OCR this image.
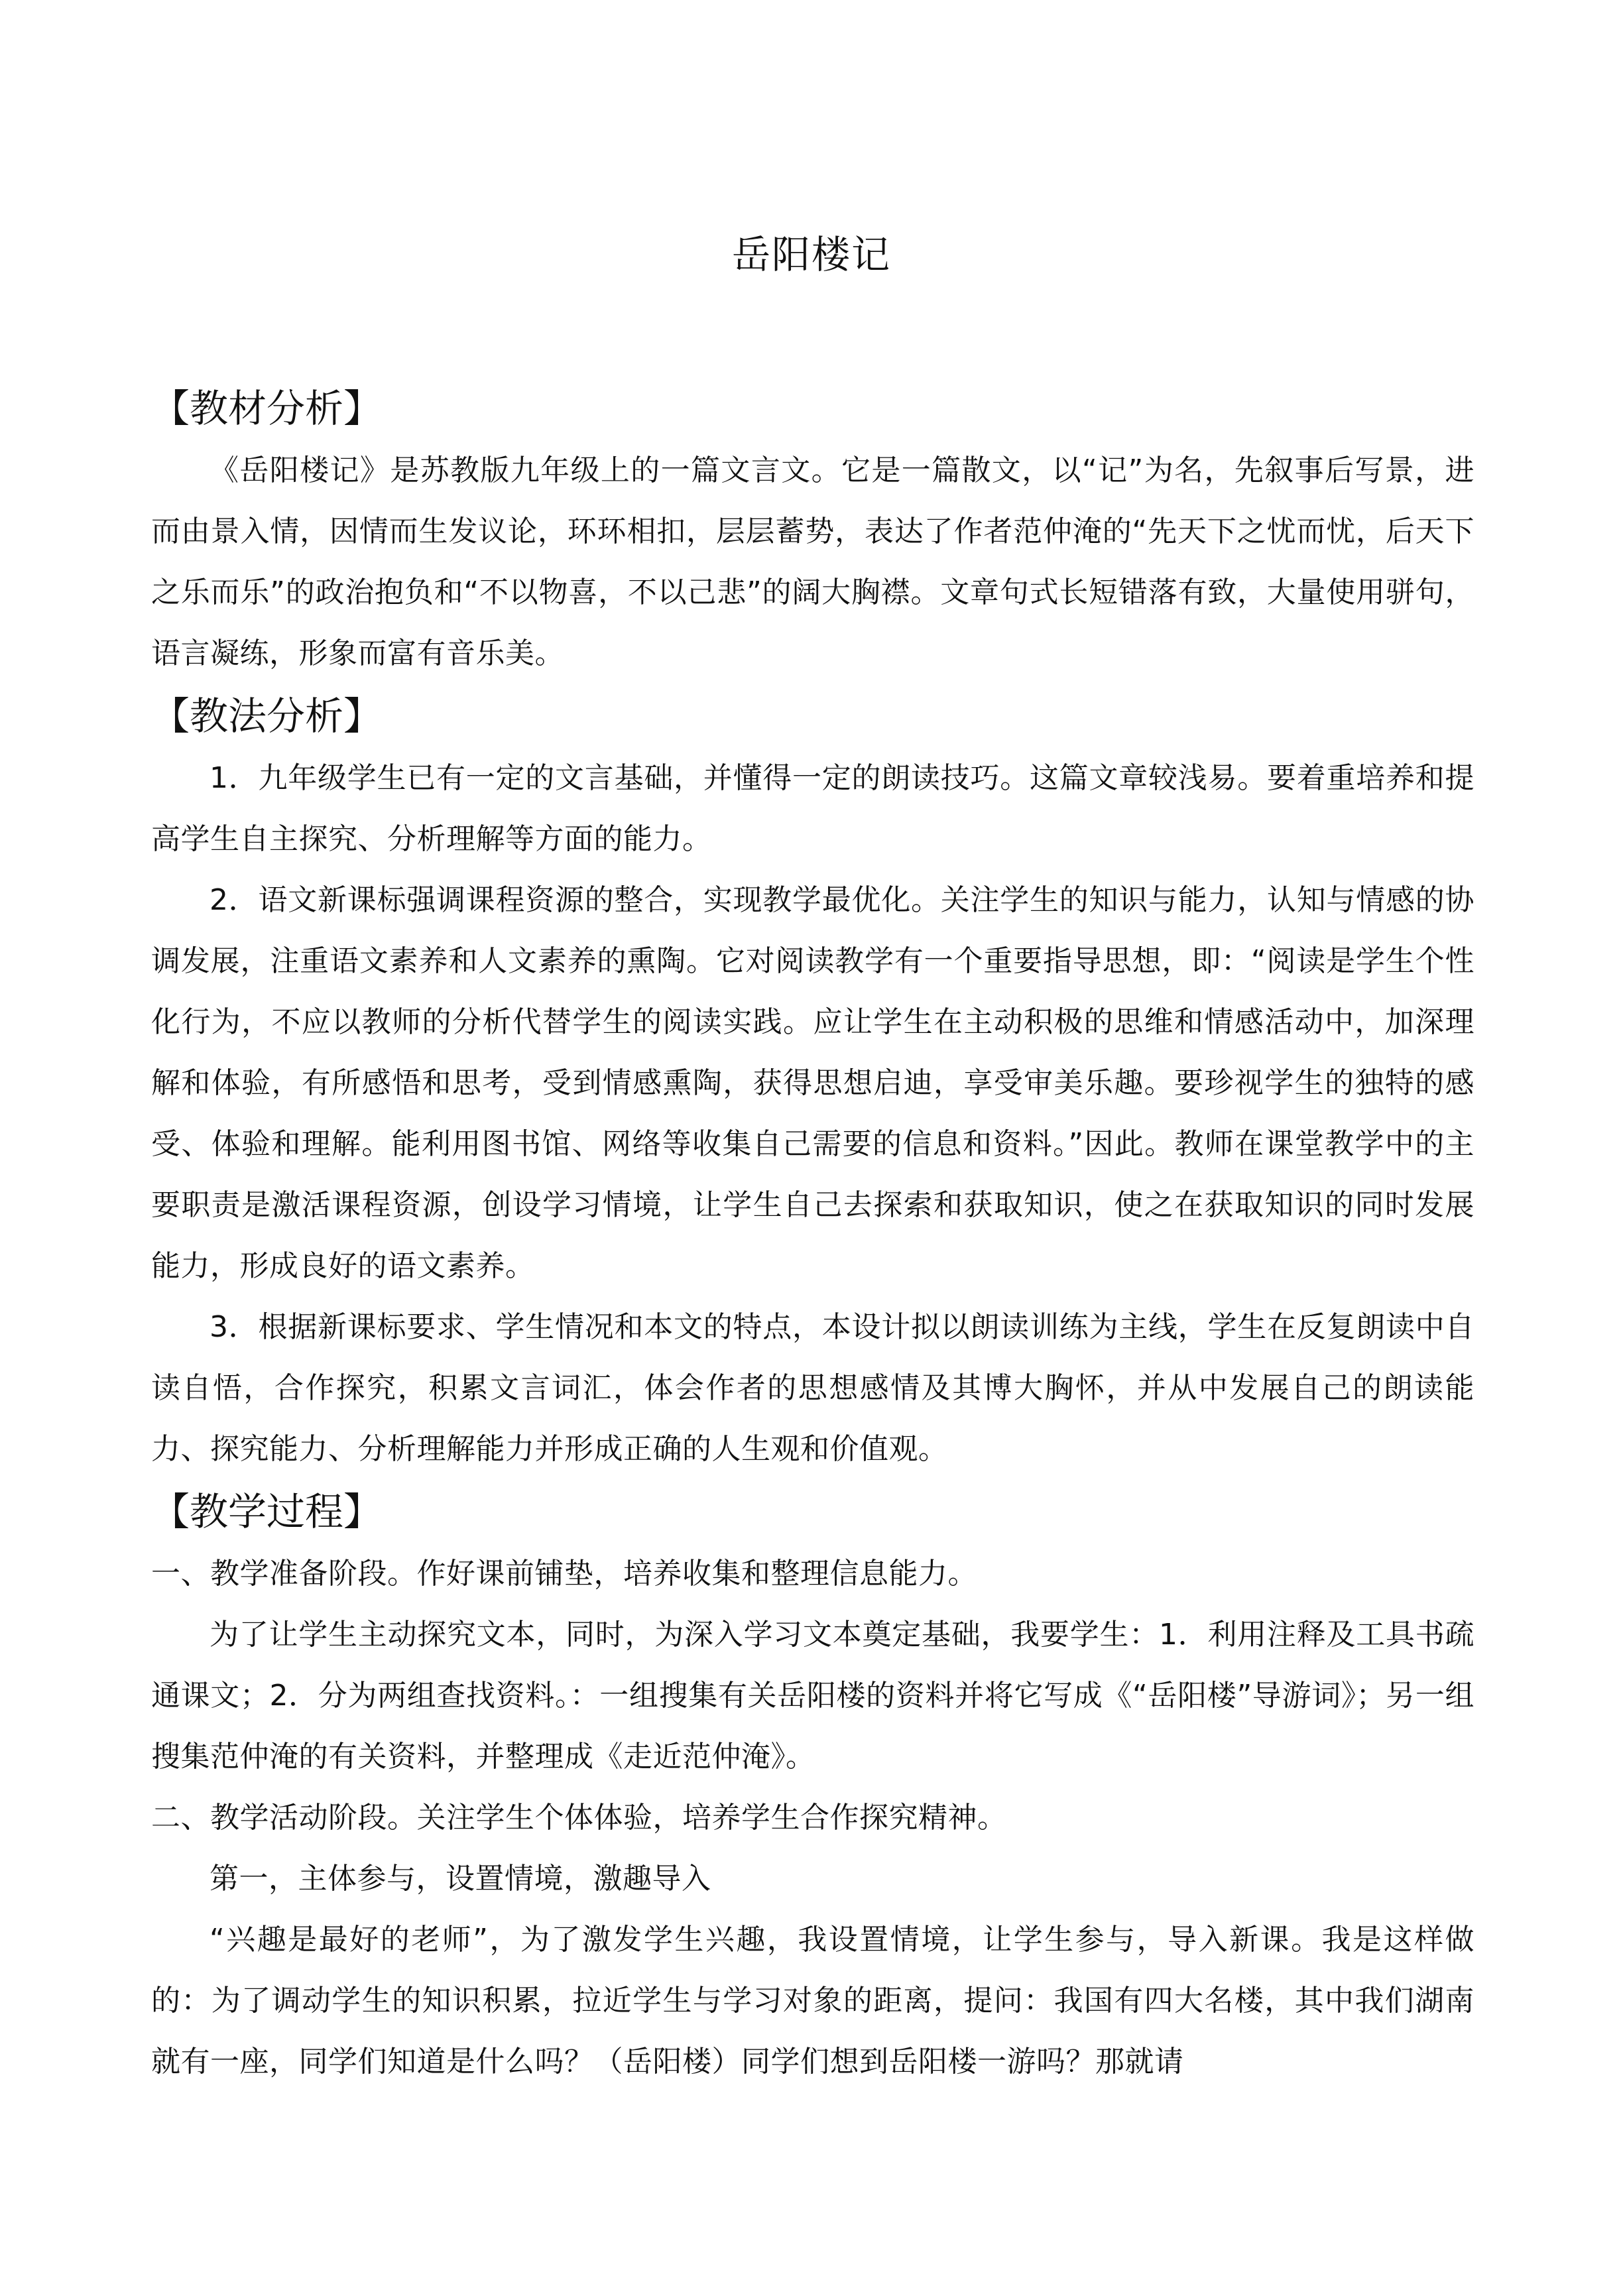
岳阳楼记
【教材分析】

《岳阳楼记》是苏教版九年级上的一篇文言文。它是一篇散文，以“记”为名，先叙事后写景，进而由景入情，因情而生发议论，环环相扣，层层蓄势，表达了作者范仲淹的“先天下之忧而忧，后天下之乐而乐”的政治抱负和“不以物喜，不以己悲”的阔大胸襟。文章句式长短错落有致，大量使用骈句，语言凝练，形象而富有音乐美。

【教法分析】

1．九年级学生已有一定的文言基础，并懂得一定的朗读技巧。这篇文章较浅易。要着重培养和提高学生自主探究、分析理解等方面的能力。

2．语文新课标强调课程资源的整合，实现教学最优化。关注学生的知识与能力，认知与情感的协调发展，注重语文素养和人文素养的熏陶。它对阅读教学有一个重要指导思想，即：“阅读是学生个性化行为，不应以教师的分析代替学生的阅读实践。应让学生在主动积极的思维和情感活动中，加深理解和体验，有所感悟和思考，受到情感熏陶，获得思想启迪，享受审美乐趣。要珍视学生的独特的感受、体验和理解。能利用图书馆、网络等收集自己需要的信息和资料。”因此。教师在课堂教学中的主要职责是激活课程资源，创设学习情境，让学生自己去探索和获取知识，使之在获取知识的同时发展能力，形成良好的语文素养。

3．根据新课标要求、学生情况和本文的特点，本设计拟以朗读训练为主线，学生在反复朗读中自读自悟，合作探究，积累文言词汇，体会作者的思想感情及其博大胸怀，并从中发展自己的朗读能力、探究能力、分析理解能力并形成正确的人生观和价值观。

【教学过程】

一、教学准备阶段。作好课前铺垫，培养收集和整理信息能力。

为了让学生主动探究文本，同时，为深入学习文本奠定基础，我要学生：1．利用注释及工具书疏通课文；2．分为两组查找资料。：一组搜集有关岳阳楼的资料并将它写成《“岳阳楼”导游词》；另一组搜集范仲淹的有关资料，并整理成《走近范仲淹》。

二、教学活动阶段。关注学生个体体验，培养学生合作探究精神。

第一，主体参与，设置情境，激趣导入

“兴趣是最好的老师”，为了激发学生兴趣，我设置情境，让学生参与，导入新课。我是这样做的：为了调动学生的知识积累，拉近学生与学习对象的距离，提问：我国有四大名楼，其中我们湖南就有一座，同学们知道是什么吗？（岳阳楼）同学们想到岳阳楼一游吗？那就请
